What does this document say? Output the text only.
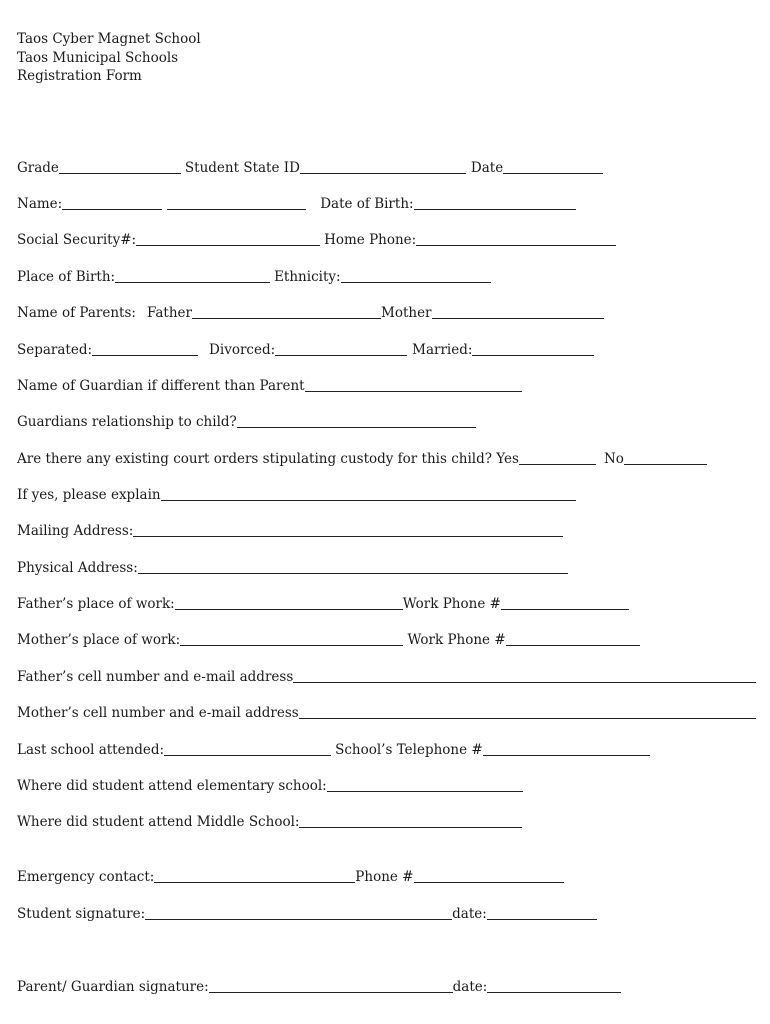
Taos Cyber Magnet School
Taos Municipal Schools
Registration Form
Grade	Student State ID	Date
Name:	Date of Birth:
Social Security#:	Home Phone:
Place of Birth:	Ethnicity:
Name of Parents: Father	Mother
Separated:	Divorced:	Married:
Name of Guardian if different than Parent
Guardians relationship to child?
Are there any existing court orders stipulating custody for this child? Yes	No
If yes, please explain
Mailing Address:
Physical Address:
Father’s place of work:	Work Phone #
Mother’s place of work:	Work Phone #
Father’s cell number and e-mail address
Mother’s cell number and e-mail address
Last school attended:	School’s Telephone #
Where did student attend elementary school:
Where did student attend Middle School:
Emergency contact:	Phone #
Student signature:	date:
Parent/ Guardian signature:	date:
